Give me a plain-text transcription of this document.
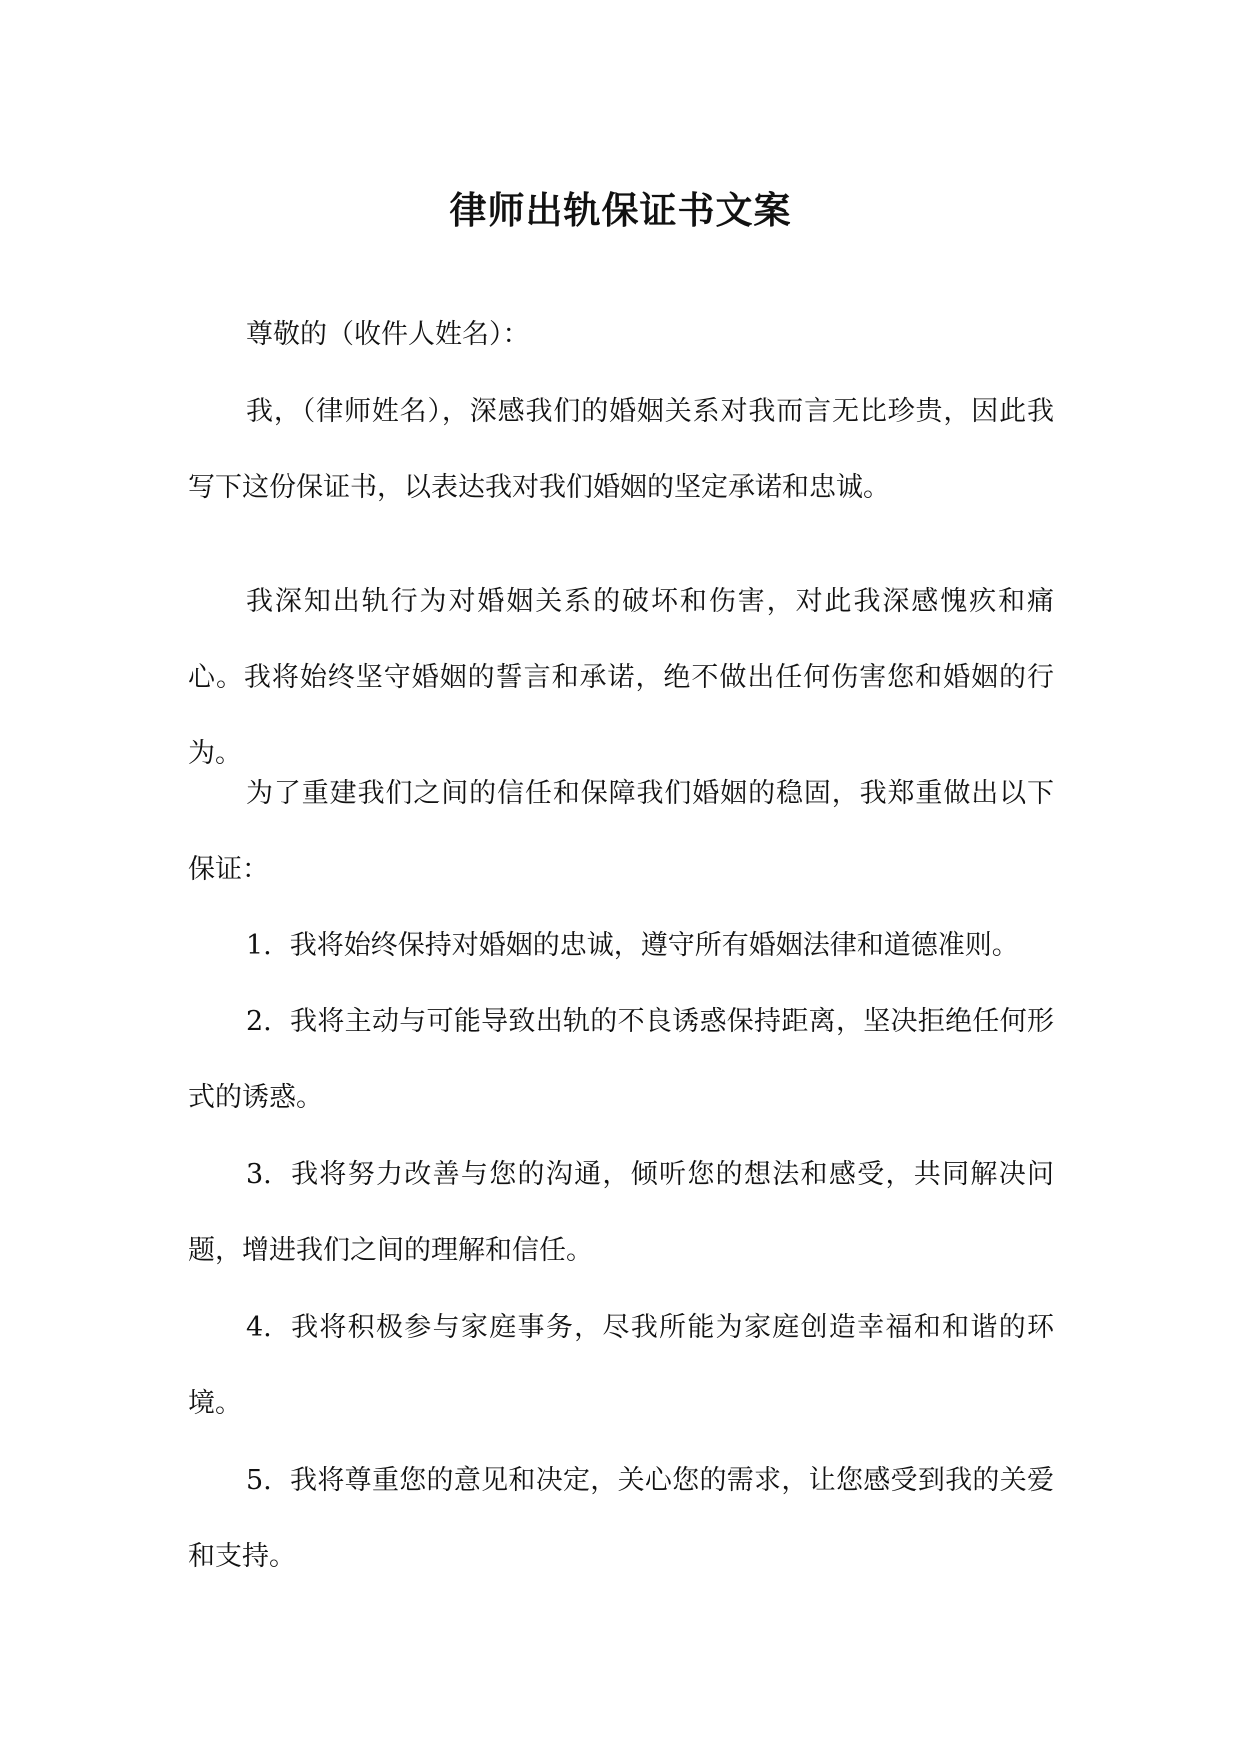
律师出轨保证书文案

尊敬的（收件人姓名）：

我，（律师姓名），深感我们的婚姻关系对我而言无比珍贵，因此我写下这份保证书，以表达我对我们婚姻的坚定承诺和忠诚。

我深知出轨行为对婚姻关系的破坏和伤害，对此我深感愧疚和痛心。我将始终坚守婚姻的誓言和承诺，绝不做出任何伤害您和婚姻的行为。

为了重建我们之间的信任和保障我们婚姻的稳固，我郑重做出以下保证：

1. 我将始终保持对婚姻的忠诚，遵守所有婚姻法律和道德准则。

2. 我将主动与可能导致出轨的不良诱惑保持距离，坚决拒绝任何形式的诱惑。

3. 我将努力改善与您的沟通，倾听您的想法和感受，共同解决问题，增进我们之间的理解和信任。

4. 我将积极参与家庭事务，尽我所能为家庭创造幸福和和谐的环境。

5. 我将尊重您的意见和决定，关心您的需求，让您感受到我的关爱和支持。
